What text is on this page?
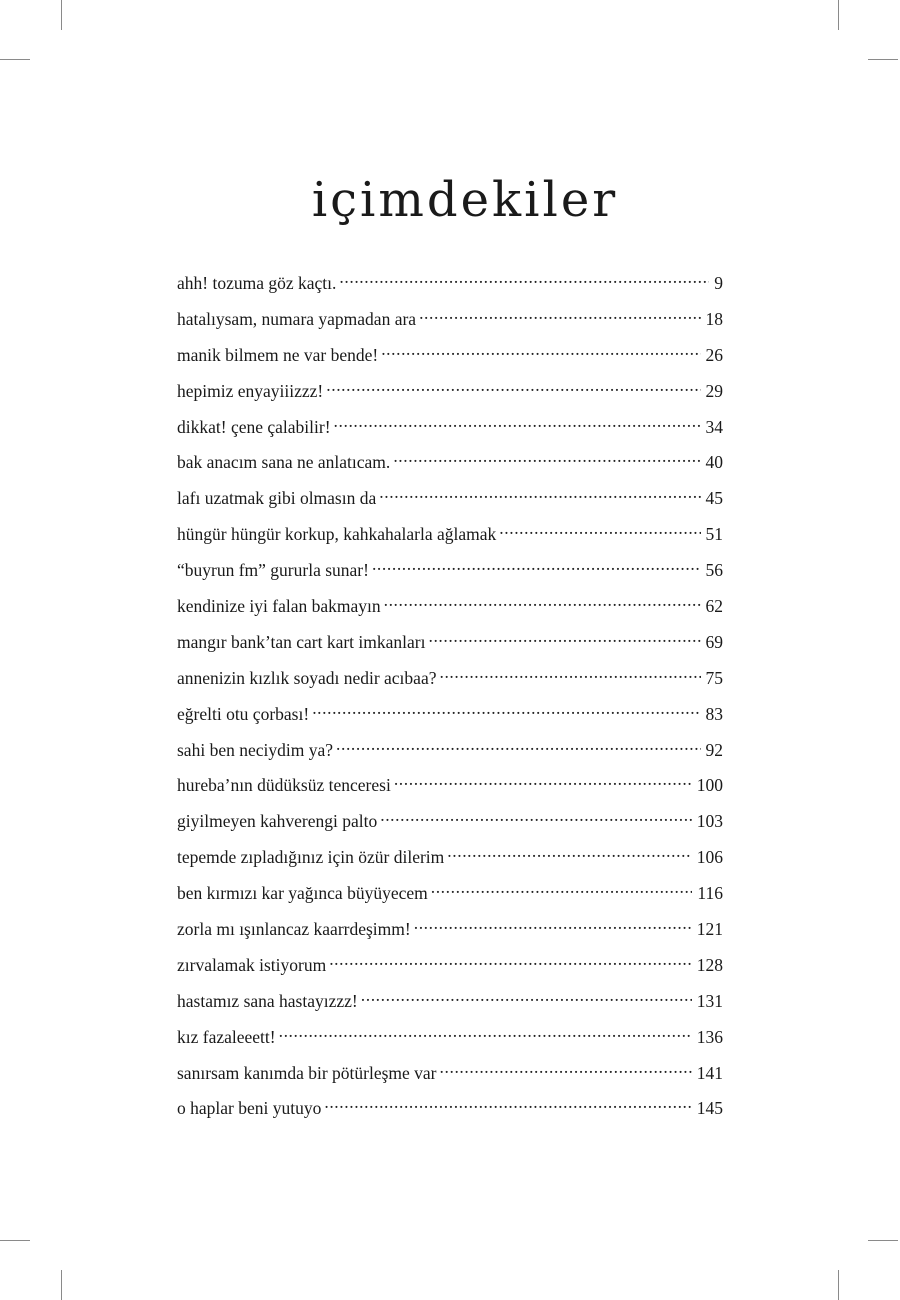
içimdekiler
ahh! tozuma göz kaçtı. .....	9
hatalıysam, numara yapmadan ara .....	18
manik bilmem ne var bende! .....	26
hepimiz enyayiiizzz! .....	29
dikkat! çene çalabilir! .....	34
bak anacım sana ne anlatıcam. .....	40
lafı uzatmak gibi olmasın da .....	45
hüngür hüngür korkup, kahkahalarla ağlamak .....	51
“buyrun fm” gururla sunar! .....	56
kendinize iyi falan bakmayın .....	62
mangır bank’tan cart kart imkanları .....	69
annenizin kızlık soyadı nedir acıbaa? .....	75
eğrelti otu çorbası! .....	83
sahi ben neciydim ya? .....	92
hureba’nın düdüksüz tenceresi .....	100
giyilmeyen kahverengi palto .....	103
tepemde zıpladığınız için özür dilerim .....	106
ben kırmızı kar yağınca büyüyecem .....	116
zorla mı ışınlancaz kaarrdeşimm! .....	121
zırvalamak istiyorum .....	128
hastamız sana hastayızzz! .....	131
kız fazaleeett! .....	136
sanırsam kanımda bir pötürleşme var .....	141
o haplar beni yutuyo .....	145
